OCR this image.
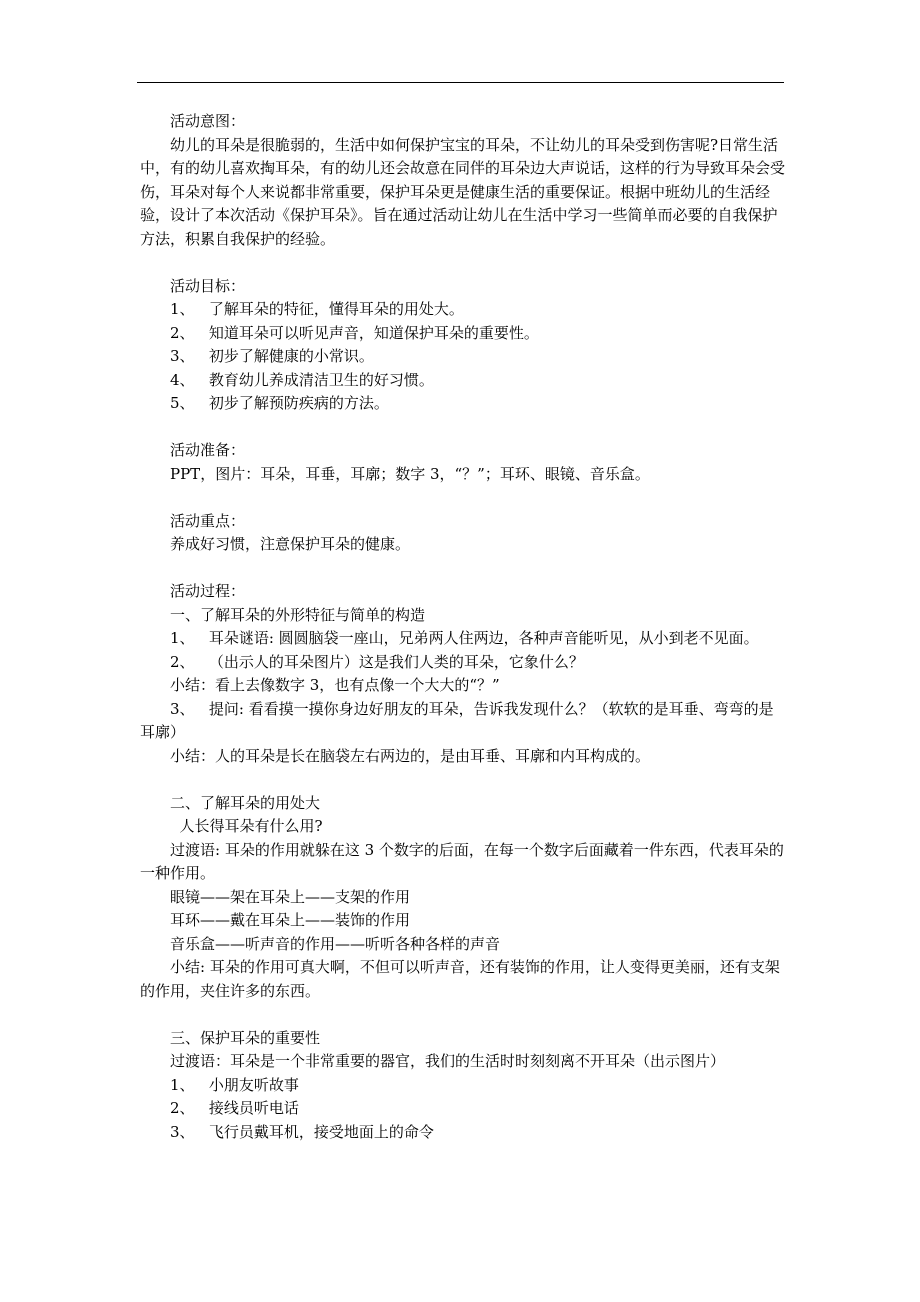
活动意图：

幼儿的耳朵是很脆弱的，生活中如何保护宝宝的耳朵，不让幼儿的耳朵受到伤害呢?日常生活中，有的幼儿喜欢掏耳朵，有的幼儿还会故意在同伴的耳朵边大声说话，这样的行为导致耳朵会受伤，耳朵对每个人来说都非常重要，保护耳朵更是健康生活的重要保证。根据中班幼儿的生活经验，设计了本次活动《保护耳朵》。旨在通过活动让幼儿在生活中学习一些简单而必要的自我保护方法，积累自我保护的经验。

活动目标：

1、   了解耳朵的特征，懂得耳朵的用处大。

2、   知道耳朵可以听见声音，知道保护耳朵的重要性。

3、   初步了解健康的小常识。

4、   教育幼儿养成清洁卫生的好习惯。

5、   初步了解预防疾病的方法。

活动准备：

PPT，图片：耳朵，耳垂，耳廓；数字 3，“？”；耳环、眼镜、音乐盒。

活动重点：

养成好习惯，注意保护耳朵的健康。

活动过程：

一、了解耳朵的外形特征与简单的构造

1、   耳朵谜语: 圆圆脑袋一座山，兄弟两人住两边，各种声音能听见，从小到老不见面。

2、   （出示人的耳朵图片）这是我们人类的耳朵，它象什么？

小结：看上去像数字 3，也有点像一个大大的“？”

3、   提问: 看看摸一摸你身边好朋友的耳朵，告诉我发现什么？（软软的是耳垂、弯弯的是耳廓）

小结：人的耳朵是长在脑袋左右两边的，是由耳垂、耳廓和内耳构成的。

二、了解耳朵的用处大

人长得耳朵有什么用?

过渡语: 耳朵的作用就躲在这 3 个数字的后面，在每一个数字后面藏着一件东西，代表耳朵的一种作用。

眼镜——架在耳朵上——支架的作用

耳环——戴在耳朵上——装饰的作用

音乐盒——听声音的作用——听听各种各样的声音

小结: 耳朵的作用可真大啊，不但可以听声音，还有装饰的作用，让人变得更美丽，还有支架的作用，夹住许多的东西。

三、保护耳朵的重要性

过渡语：耳朵是一个非常重要的器官，我们的生活时时刻刻离不开耳朵（出示图片）

1、   小朋友听故事

2、   接线员听电话

3、   飞行员戴耳机，接受地面上的命令
